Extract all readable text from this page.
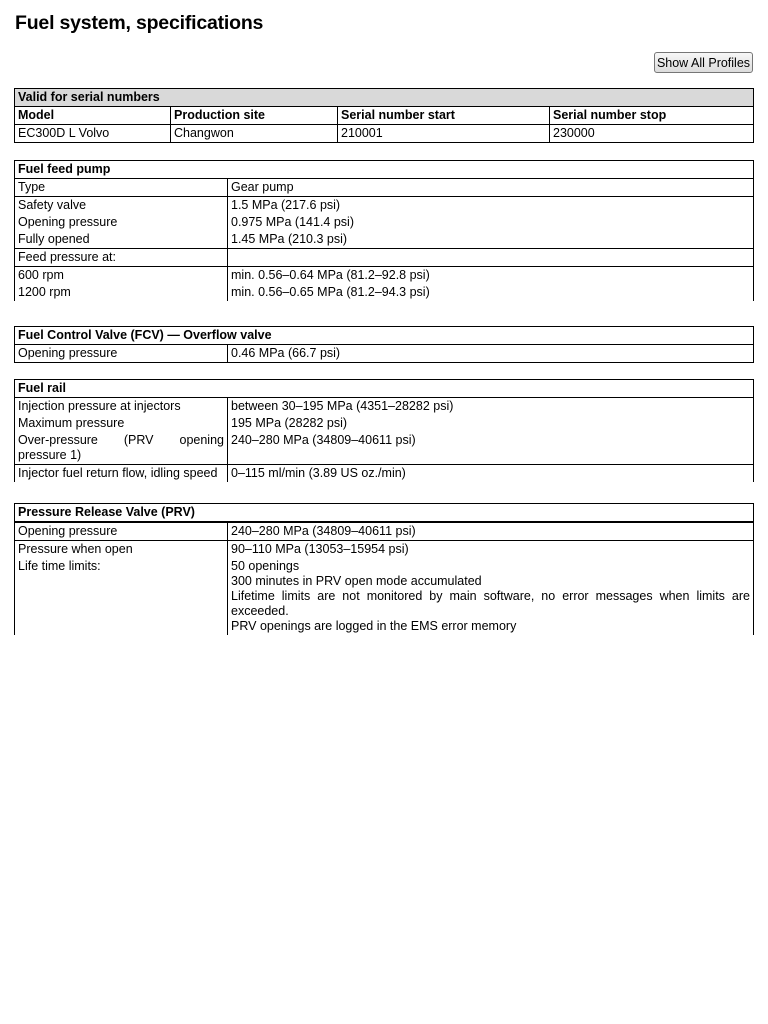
Fuel system, specifications
Show All Profiles
Valid for serial numbers			
Model	Production site	Serial number start	Serial number stop
EC300D L Volvo	Changwon	210001	230000
Fuel feed pump	
Type	Gear pump
Safety valve	1.5 MPa (217.6 psi)
Opening pressure	0.975 MPa (141.4 psi)
Fully opened	1.45 MPa (210.3 psi)
Feed pressure at:	
600 rpm	min. 0.56–0.64 MPa (81.2–92.8 psi)
1200 rpm	min. 0.56–0.65 MPa (81.2–94.3 psi)
Fuel Control Valve (FCV) — Overflow valve
Opening pressure	0.46 MPa (66.7 psi)
Fuel rail	
Injection pressure at injectors	between 30–195 MPa (4351–28282 psi)
Maximum pressure	195 MPa (28282 psi)
Over-pressure (PRV opening pressure 1)	240–280 MPa (34809–40611 psi)
Injector fuel return flow, idling speed	0–115 ml/min (3.89 US oz./min)
Pressure Release Valve (PRV)	
Opening pressure	240–280 MPa (34809–40611 psi)
Pressure when open	90–110 MPa (13053–15954 psi)
Life time limits:	50 openings
300 minutes in PRV open mode accumulated
Lifetime limits are not monitored by main software, no error messages when limits are exceeded.
PRV openings are logged in the EMS error memory
